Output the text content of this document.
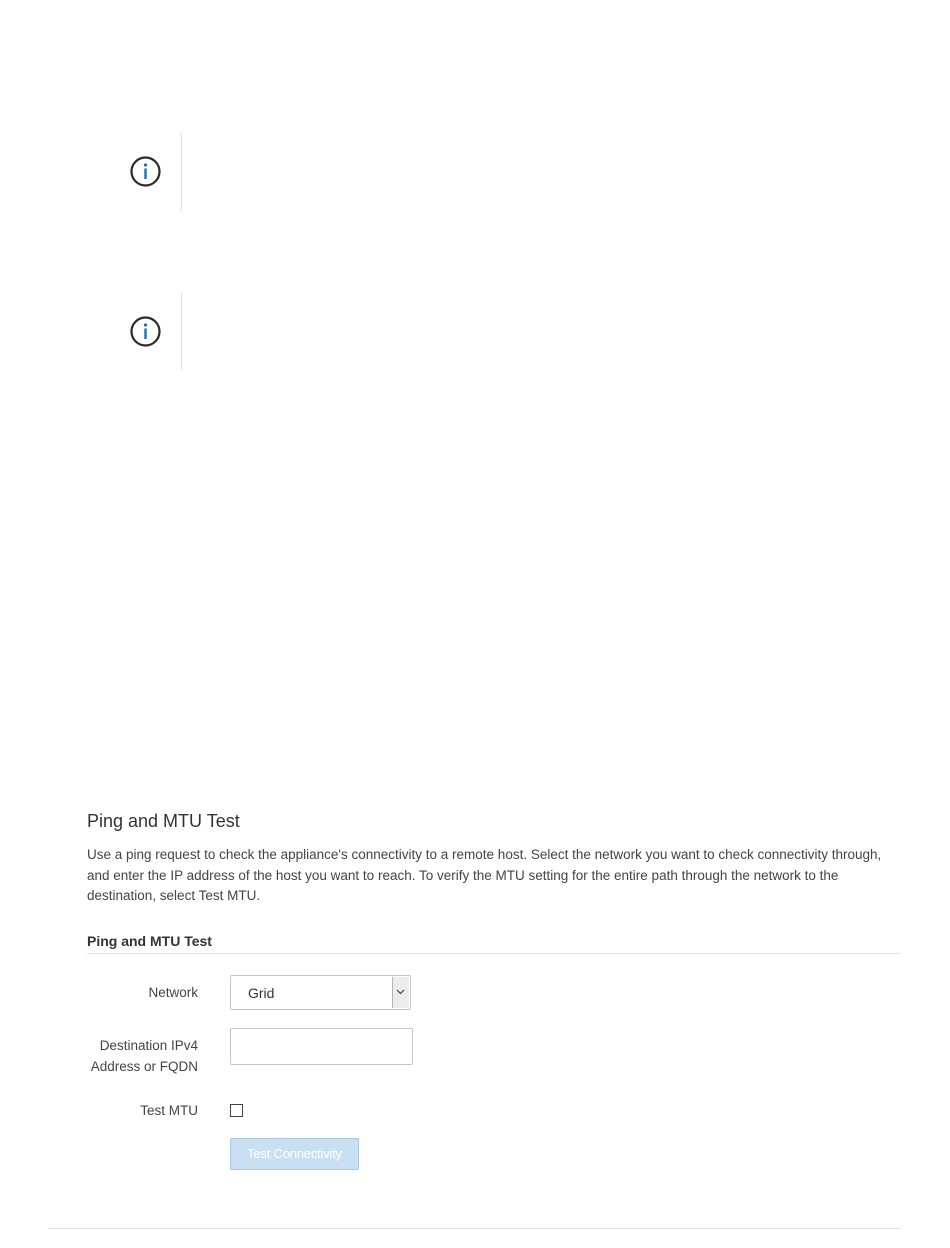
Ping and MTU Test
Use a ping request to check the appliance's connectivity to a remote host. Select the network you want to check connectivity through, and enter the IP address of the host you want to reach. To verify the MTU setting for the entire path through the network to the destination, select Test MTU.
Ping and MTU Test
Network	Grid
Destination IPv4 Address or FQDN
Test MTU
Test Connectivity
